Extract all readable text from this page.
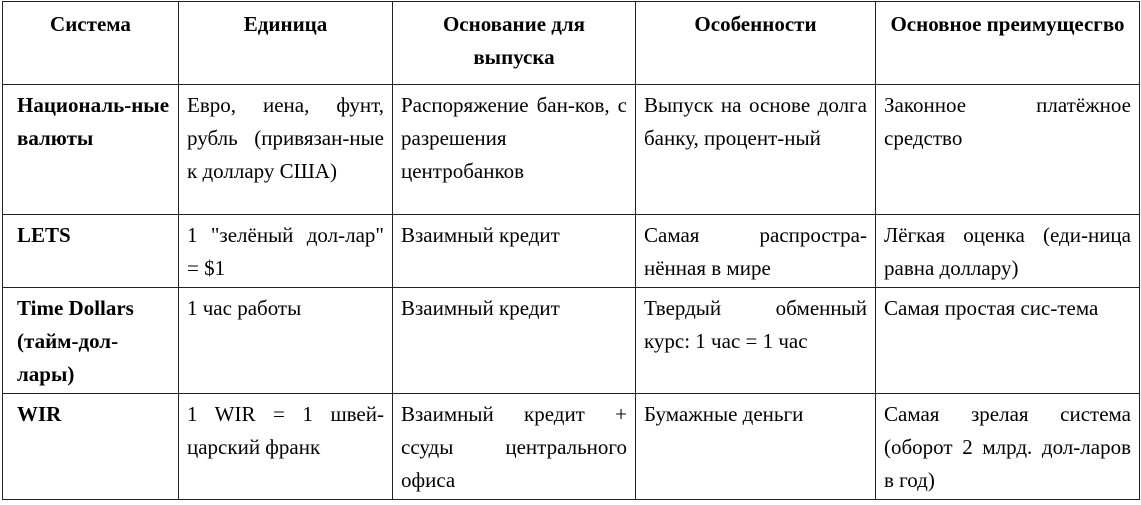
Система	Единица	Основание для выпуска	Особенности	Основное преимущесгво
Националь-ные валюты	Евро, иена, фунт, рубль (привязан-ные к доллару США)	Распоряжение бан-ков, с разрешения центробанков	Выпуск на основе долга банку, процент-ный	Законное платёжное средство
LETS	1 "зелёный дол-лар" = $1	Взаимный кредит	Самая распростра-нённая в мире	Лёгкая оценка (еди-ница равна доллару)
Time Dollars (тайм-дол-лары)	1 час работы	Взаимный кредит	Твердый обменный курс: 1 час = 1 час	Самая простая сис-тема
WIR	1 WIR = 1 швей-царский франк	Взаимный кредит + ссуды центрального офиса	Бумажные деньги	Самая зрелая система (оборот 2 млрд. дол-ларов в год)
